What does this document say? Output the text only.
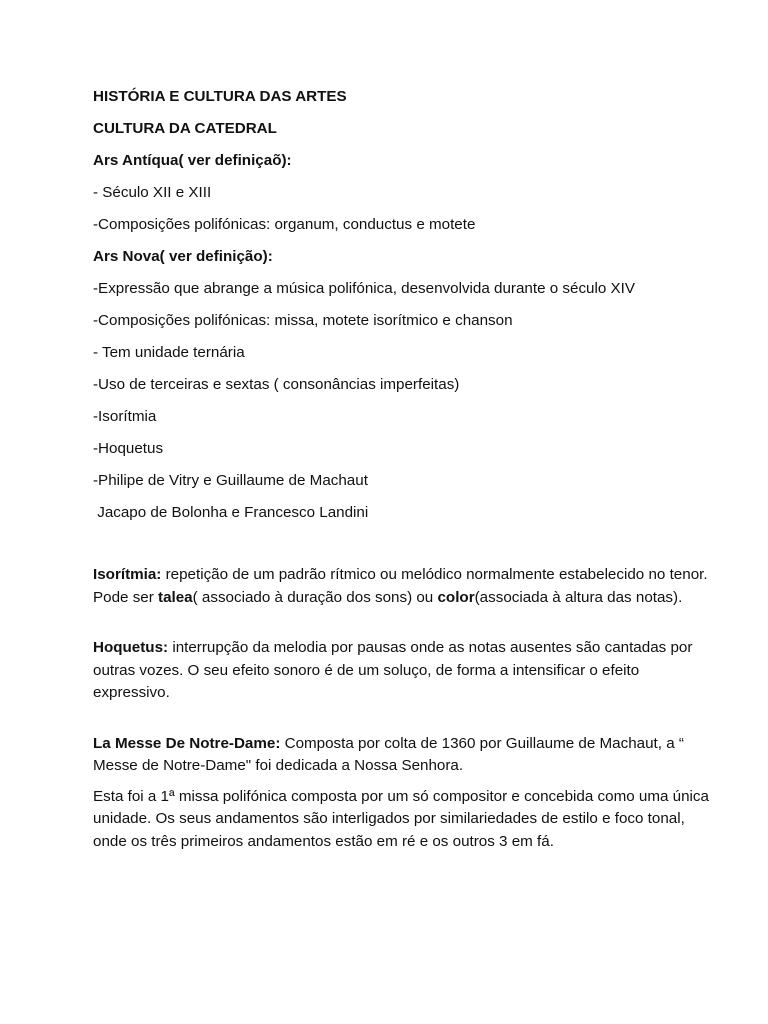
HISTÓRIA E CULTURA DAS ARTES
CULTURA DA CATEDRAL
Ars Antíqua( ver definiçaõ):
- Século XII e XIII
-Composições polifónicas: organum, conductus e motete
Ars Nova( ver definição):
-Expressão que abrange a música polifónica, desenvolvida durante o século XIV
-Composições polifónicas: missa, motete isorítmico e chanson
- Tem unidade ternária
-Uso de terceiras e sextas ( consonâncias imperfeitas)
-Isorítmia
-Hoquetus
-Philipe de Vitry e Guillaume de Machaut
Jacapo de Bolonha e Francesco Landini

Isorítmia: repetição de um padrão rítmico ou melódico normalmente estabelecido no tenor. Pode ser talea( associado à duração dos sons) ou color(associada à altura das notas).

Hoquetus: interrupção da melodia por pausas onde as notas ausentes são cantadas por outras vozes. O seu efeito sonoro é de um soluço, de forma a intensificar o efeito expressivo.

La Messe De Notre-Dame: Composta por colta de 1360 por Guillaume de Machaut, a “ Messe de Notre-Dame" foi dedicada a Nossa Senhora.

Esta foi a 1ª missa polifónica composta por um só compositor e concebida como uma única unidade. Os seus andamentos são interligados por similariedades de estilo e foco tonal, onde os três primeiros andamentos estão em ré e os outros 3 em fá.
